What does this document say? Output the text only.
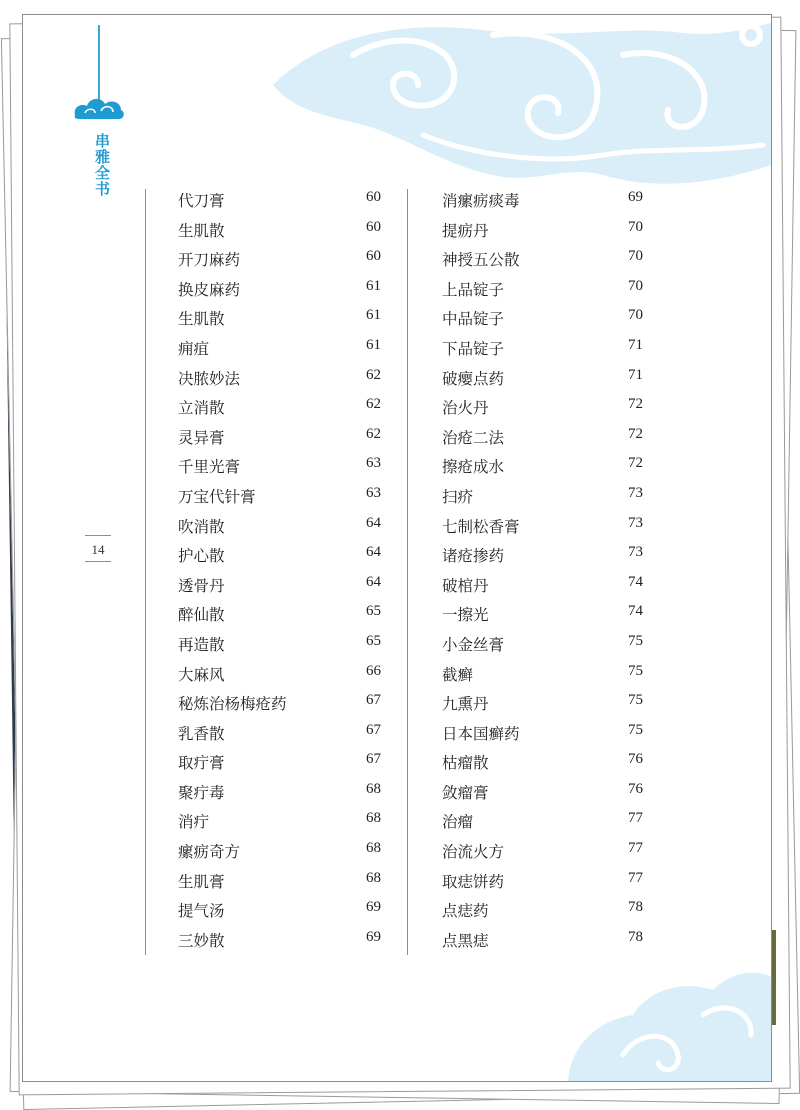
串雅全书
14
代刀膏	60
生肌散	60
开刀麻药	60
换皮麻药	61
生肌散	61
痈疽	61
决脓妙法	62
立消散	62
灵异膏	62
千里光膏	63
万宝代针膏	63
吹消散	64
护心散	64
透骨丹	64
醉仙散	65
再造散	65
大麻风	66
秘炼治杨梅疮药	67
乳香散	67
取疔膏	67
聚疔毒	68
消疔	68
瘰疬奇方	68
生肌膏	68
提气汤	69
三妙散	69
消瘰疬痰毒	69
提疬丹	70
神授五公散	70
上品锭子	70
中品锭子	70
下品锭子	71
破瘿点药	71
治火丹	72
治疮二法	72
擦疮成水	72
扫疥	73
七制松香膏	73
诸疮掺药	73
破棺丹	74
一擦光	74
小金丝膏	75
截癣	75
九熏丹	75
日本国癣药	75
枯瘤散	76
敛瘤膏	76
治瘤	77
治流火方	77
取痣饼药	77
点痣药	78
点黑痣	78
